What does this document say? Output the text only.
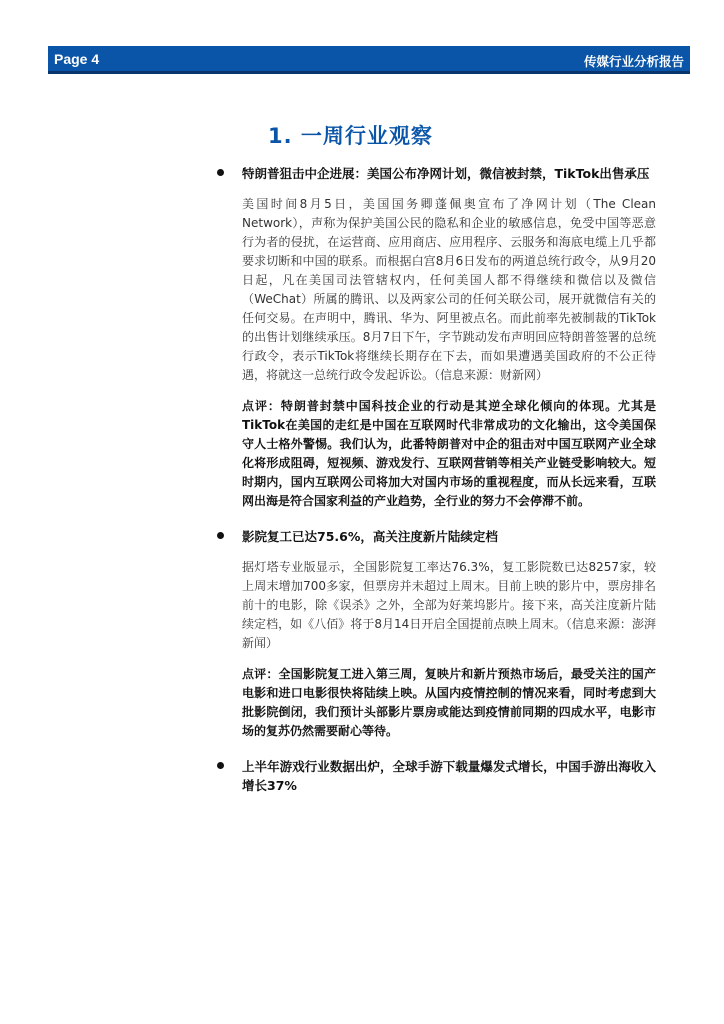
Page 4	传媒行业分析报告
1. 一周行业观察
特朗普狙击中企进展：美国公布净网计划，微信被封禁，TikTok出售承压

美国时间8月5日，美国国务卿蓬佩奥宣布了净网计划（The Clean Network），声称为保护美国公民的隐私和企业的敏感信息，免受中国等恶意行为者的侵扰，在运营商、应用商店、应用程序、云服务和海底电缆上几乎都要求切断和中国的联系。而根据白宫8月6日发布的两道总统行政令，从9月20日起，凡在美国司法管辖权内，任何美国人都不得继续和微信以及微信（WeChat）所属的腾讯、以及两家公司的任何关联公司，展开就微信有关的任何交易。在声明中，腾讯、华为、阿里被点名。而此前率先被制裁的TikTok的出售计划继续承压。8月7日下午，字节跳动发布声明回应特朗普签署的总统行政令，表示TikTok将继续长期存在下去，而如果遭遇美国政府的不公正待遇，将就这一总统行政令发起诉讼。（信息来源：财新网）

点评：特朗普封禁中国科技企业的行动是其逆全球化倾向的体现。尤其是TikTok在美国的走红是中国在互联网时代非常成功的文化输出，这令美国保守人士格外警惕。我们认为，此番特朗普对中企的狙击对中国互联网产业全球化将形成阻碍，短视频、游戏发行、互联网营销等相关产业链受影响较大。短时期内，国内互联网公司将加大对国内市场的重视程度，而从长远来看，互联网出海是符合国家利益的产业趋势，全行业的努力不会停滞不前。

影院复工已达75.6%，高关注度新片陆续定档

据灯塔专业版显示，全国影院复工率达76.3%，复工影院数已达8257家，较上周末增加700多家，但票房并未超过上周末。目前上映的影片中，票房排名前十的电影，除《误杀》之外，全部为好莱坞影片。接下来，高关注度新片陆续定档，如《八佰》将于8月14日开启全国提前点映上周末。（信息来源：澎湃新闻）

点评：全国影院复工进入第三周，复映片和新片预热市场后，最受关注的国产电影和进口电影很快将陆续上映。从国内疫情控制的情况来看，同时考虑到大批影院倒闭，我们预计头部影片票房或能达到疫情前同期的四成水平，电影市场的复苏仍然需要耐心等待。

上半年游戏行业数据出炉，全球手游下载量爆发式增长，中国手游出海收入增长37%
